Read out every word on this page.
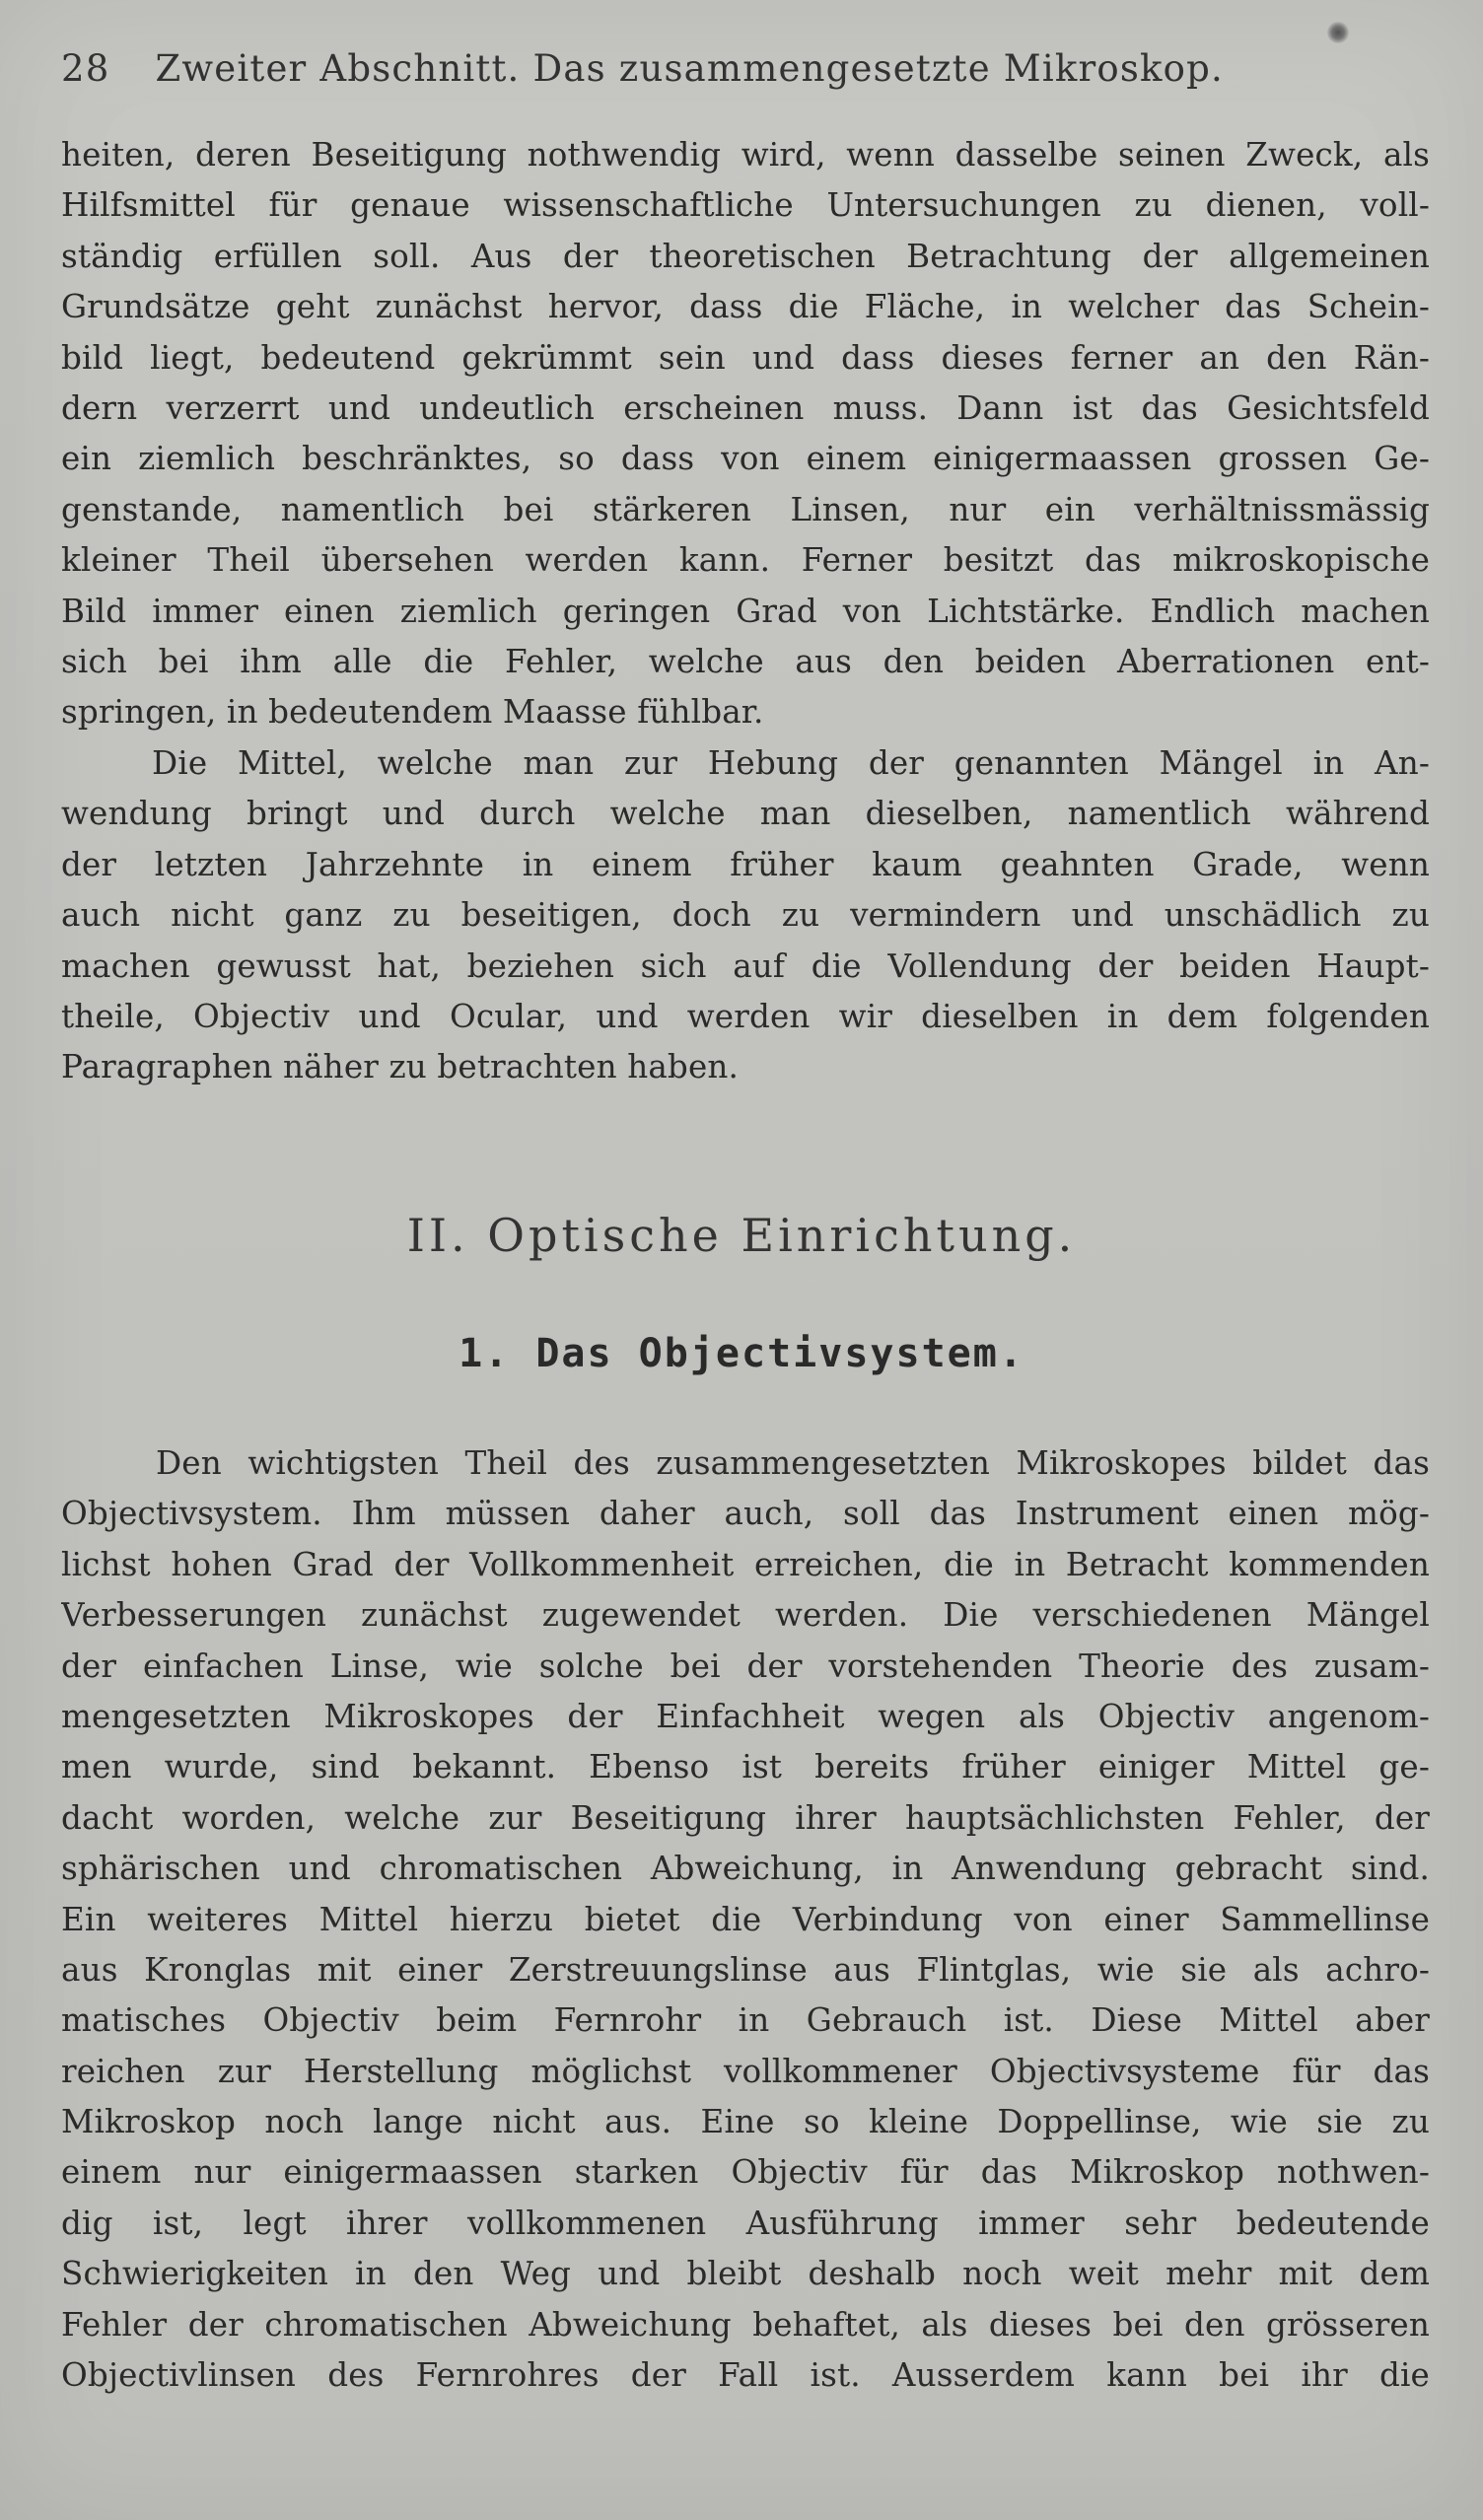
28 Zweiter Abschnitt. Das zusammengesetzte Mikroskop.
heiten, deren Beseitigung nothwendig wird, wenn dasselbe seinen Zweck, als
Hilfsmittel für genaue wissenschaftliche Untersuchungen zu dienen, voll-
ständig erfüllen soll. Aus der theoretischen Betrachtung der allgemeinen
Grundsätze geht zunächst hervor, dass die Fläche, in welcher das Schein-
bild liegt, bedeutend gekrümmt sein und dass dieses ferner an den Rän-
dern verzerrt und undeutlich erscheinen muss. Dann ist das Gesichtsfeld
ein ziemlich beschränktes, so dass von einem einigermaassen grossen Ge-
genstande, namentlich bei stärkeren Linsen, nur ein verhältnissmässig
kleiner Theil übersehen werden kann. Ferner besitzt das mikroskopische
Bild immer einen ziemlich geringen Grad von Lichtstärke. Endlich machen
sich bei ihm alle die Fehler, welche aus den beiden Aberrationen ent-
springen, in bedeutendem Maasse fühlbar.
Die Mittel, welche man zur Hebung der genannten Mängel in An-
wendung bringt und durch welche man dieselben, namentlich während
der letzten Jahrzehnte in einem früher kaum geahnten Grade, wenn
auch nicht ganz zu beseitigen, doch zu vermindern und unschädlich zu
machen gewusst hat, beziehen sich auf die Vollendung der beiden Haupt-
theile, Objectiv und Ocular, und werden wir dieselben in dem folgenden
Paragraphen näher zu betrachten haben.
II. Optische Einrichtung.
1. Das Objectivsystem.
Den wichtigsten Theil des zusammengesetzten Mikroskopes bildet das
Objectivsystem. Ihm müssen daher auch, soll das Instrument einen mög-
lichst hohen Grad der Vollkommenheit erreichen, die in Betracht kommenden
Verbesserungen zunächst zugewendet werden. Die verschiedenen Mängel
der einfachen Linse, wie solche bei der vorstehenden Theorie des zusam-
mengesetzten Mikroskopes der Einfachheit wegen als Objectiv angenom-
men wurde, sind bekannt. Ebenso ist bereits früher einiger Mittel ge-
dacht worden, welche zur Beseitigung ihrer hauptsächlichsten Fehler, der
sphärischen und chromatischen Abweichung, in Anwendung gebracht sind.
Ein weiteres Mittel hierzu bietet die Verbindung von einer Sammellinse
aus Kronglas mit einer Zerstreuungslinse aus Flintglas, wie sie als achro-
matisches Objectiv beim Fernrohr in Gebrauch ist. Diese Mittel aber
reichen zur Herstellung möglichst vollkommener Objectivsysteme für das
Mikroskop noch lange nicht aus. Eine so kleine Doppellinse, wie sie zu
einem nur einigermaassen starken Objectiv für das Mikroskop nothwen-
dig ist, legt ihrer vollkommenen Ausführung immer sehr bedeutende
Schwierigkeiten in den Weg und bleibt deshalb noch weit mehr mit dem
Fehler der chromatischen Abweichung behaftet, als dieses bei den grösseren
Objectivlinsen des Fernrohres der Fall ist. Ausserdem kann bei ihr die
